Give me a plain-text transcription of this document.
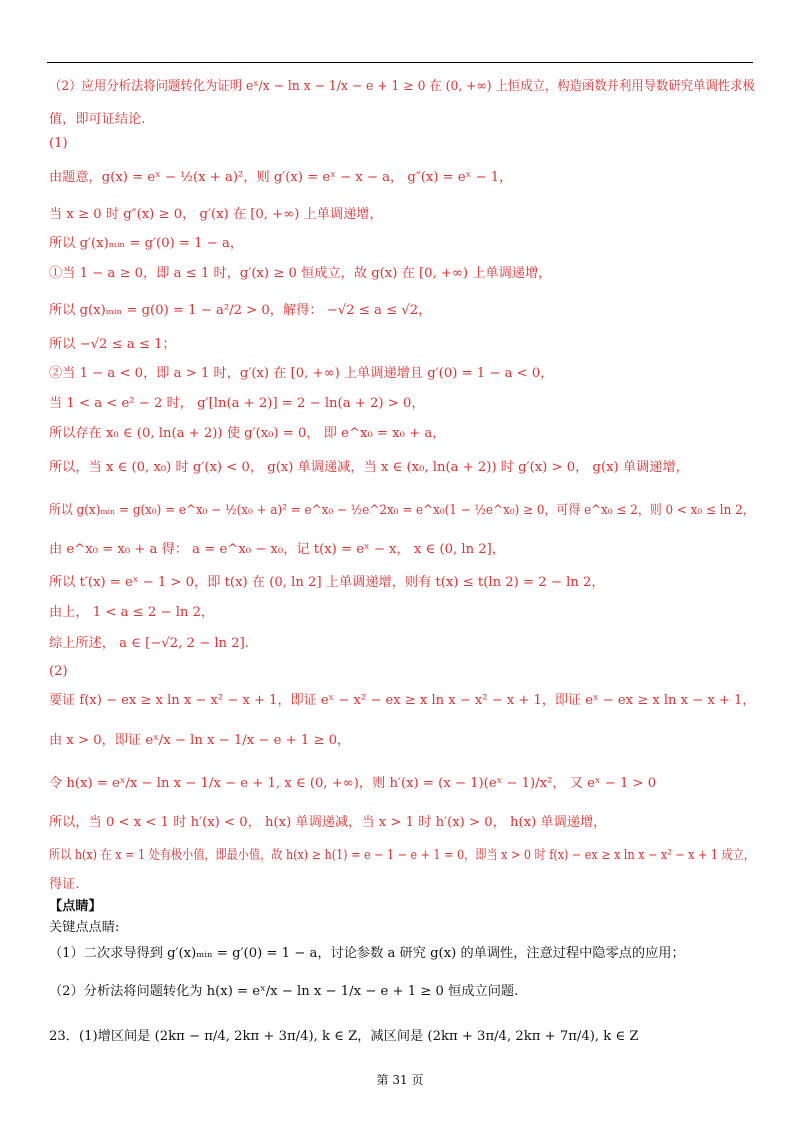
（2）应用分析法将问题转化为证明 eˣ/x − ln x − 1/x − e + 1 ≥ 0 在 (0, +∞) 上恒成立，构造函数并利用导数研究单调性求极
值，即可证结论.
(1)
由题意，g(x) = eˣ − ½(x + a)²，则 g′(x) = eˣ − x − a， g″(x) = eˣ − 1，
当 x ≥ 0 时 g″(x) ≥ 0， g′(x) 在 [0, +∞) 上单调递增，
所以 g′(x)ₘᵢₙ = g′(0) = 1 − a，
①当 1 − a ≥ 0，即 a ≤ 1 时，g′(x) ≥ 0 恒成立，故 g(x) 在 [0, +∞) 上单调递增，
所以 g(x)ₘᵢₙ = g(0) = 1 − a²/2 > 0，解得： −√2 ≤ a ≤ √2，
所以 −√2 ≤ a ≤ 1；
②当 1 − a < 0，即 a > 1 时，g′(x) 在 [0, +∞) 上单调递增且 g′(0) = 1 − a < 0，
当 1 < a < e² − 2 时， g′[ln(a + 2)] = 2 − ln(a + 2) > 0，
所以存在 x₀ ∈ (0, ln(a + 2)) 使 g′(x₀) = 0， 即 e^x₀ = x₀ + a，
所以，当 x ∈ (0, x₀) 时 g′(x) < 0， g(x) 单调递减，当 x ∈ (x₀, ln(a + 2)) 时 g′(x) > 0， g(x) 单调递增，
所以 g(x)ₘᵢₙ = g(x₀) = e^x₀ − ½(x₀ + a)² = e^x₀ − ½e^2x₀ = e^x₀(1 − ½e^x₀) ≥ 0，可得 e^x₀ ≤ 2，则 0 < x₀ ≤ ln 2，
由 e^x₀ = x₀ + a 得： a = e^x₀ − x₀，记 t(x) = eˣ − x， x ∈ (0, ln 2]，
所以 t′(x) = eˣ − 1 > 0，即 t(x) 在 (0, ln 2] 上单调递增，则有 t(x) ≤ t(ln 2) = 2 − ln 2，
由上， 1 < a ≤ 2 − ln 2，
综上所述， a ∈ [−√2, 2 − ln 2].
(2)
要证 f(x) − ex ≥ x ln x − x² − x + 1，即证 eˣ − x² − ex ≥ x ln x − x² − x + 1，即证 eˣ − ex ≥ x ln x − x + 1，
由 x > 0，即证 eˣ/x − ln x − 1/x − e + 1 ≥ 0，
令 h(x) = eˣ/x − ln x − 1/x − e + 1, x ∈ (0, +∞)，则 h′(x) = (x − 1)(eˣ − 1)/x²， 又 eˣ − 1 > 0
所以，当 0 < x < 1 时 h′(x) < 0， h(x) 单调递减，当 x > 1 时 h′(x) > 0， h(x) 单调递增，
所以 h(x) 在 x = 1 处有极小值，即最小值，故 h(x) ≥ h(1) = e − 1 − e + 1 = 0，即当 x > 0 时 f(x) − ex ≥ x ln x − x² − x + 1 成立，
得证.
【点睛】
关键点点睛:
（1）二次求导得到 g′(x)ₘᵢₙ = g′(0) = 1 − a，讨论参数 a 研究 g(x) 的单调性，注意过程中隐零点的应用；
（2）分析法将问题转化为 h(x) = eˣ/x − ln x − 1/x − e + 1 ≥ 0 恒成立问题.
23．(1)增区间是 (2kπ − π/4, 2kπ + 3π/4), k ∈ Z，减区间是 (2kπ + 3π/4, 2kπ + 7π/4), k ∈ Z
第 31 页
